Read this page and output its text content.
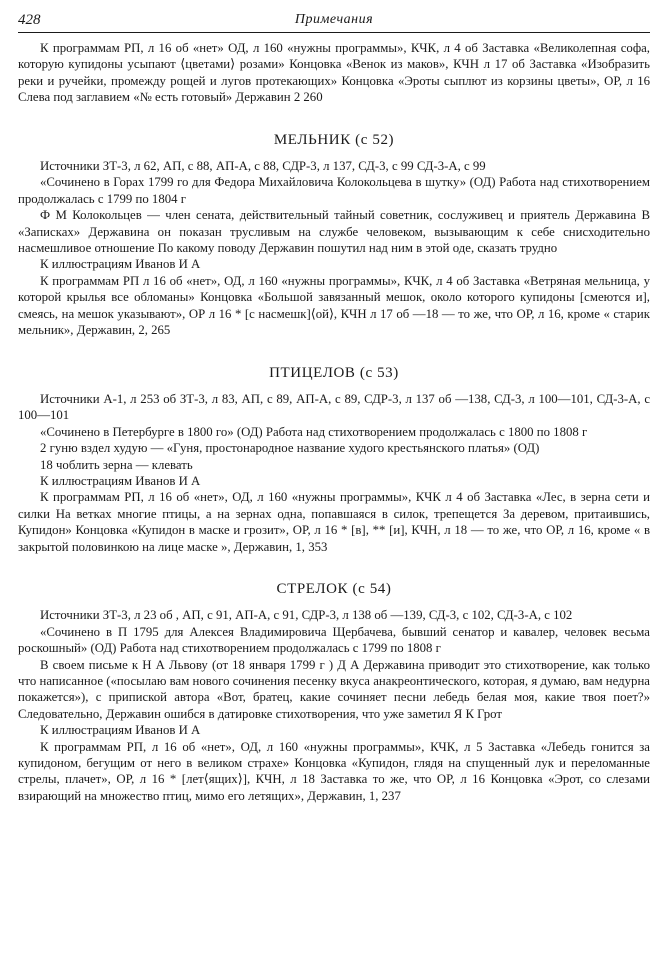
428	Примечания

К программам РП, л 16 об «нет» ОД, л 160 «нужны программы», КЧК, л 4 об Заставка «Великолепная софа, которую купидоны усыпают ⟨цветами⟩ розами» Концовка «Венок из маков», КЧН л 17 об Заставка «Изобразить реки и ручейки, промежду рощей и лугов протекающих» Концовка «Эроты сыплют из корзины цветы», ОР, л 16 Слева под заглавием «№ есть готовый» Державин 2 260

МЕЛЬНИК (с 52)

Источники ЗТ-3, л 62, АП, с 88, АП-А, с 88, СДР-3, л 137, СД-3, с 99 СД-3-А, с 99

«Сочинено в Горах 1799 го для Федора Михайловича Колокольцева в шутку» (ОД) Работа над стихотворением продолжалась с 1799 по 1804 г

Ф М Колокольцев — член сената, действительный тайный советник, сослуживец и приятель Державина В «Записках» Державина он показан трусливым на службе человеком, вызывающим к себе снисходительно насмешливое отношение По какому поводу Державин пошутил над ним в этой оде, сказать трудно

К иллюстрациям Иванов И А

К программам РП л 16 об «нет», ОД, л 160 «нужны программы», КЧК, л 4 об Заставка «Ветряная мельница, у которой крылья все обломаны» Концовка «Большой завязанный мешок, около которого купидоны [смеются и], смеясь, на мешок указывают», ОР л 16 * [с насмешк]⟨ой⟩, КЧН л 17 об —18 — то же, что ОР, л 16, кроме « старик мельник», Державин, 2, 265

ПТИЦЕЛОВ (с 53)

Источники А-1, л 253 об ЗТ-3, л 83, АП, с 89, АП-А, с 89, СДР-3, л 137 об —138, СД-3, л 100—101, СД-3-А, с 100—101

«Сочинено в Петербурге в 1800 го» (ОД) Работа над стихотворением продолжалась с 1800 по 1808 г

2 гуню вздел худую — «Гуня, простонародное название худого крестьянского платья» (ОД)

18 чоблить зерна — клевать

К иллюстрациям Иванов И А

К программам РП, л 16 об «нет», ОД, л 160 «нужны программы», КЧК л 4 об Заставка «Лес, в зерна сети и силки На ветках многие птицы, а на зернах одна, попавшаяся в силок, трепещется За деревом, притаившись, Купидон» Концовка «Купидон в маске и грозит», ОР, л 16 * [в], ** [и], КЧН, л 18 — то же, что ОР, л 16, кроме « в закрытой половинкою на лице маске », Державин, 1, 353

СТРЕЛОК (с 54)

Источники ЗТ-3, л 23 об , АП, с 91, АП-А, с 91, СДР-3, л 138 об —139, СД-3, с 102, СД-3-А, с 102

«Сочинено в П 1795 для Алексея Владимировича Щербачева, бывший сенатор и кавалер, человек весьма роскошный» (ОД) Работа над стихотворением продолжалась с 1799 по 1808 г

В своем письме к Н А Львову (от 18 января 1799 г ) Д А Державина приводит это стихотворение, как только что написанное («посылаю вам нового сочинения песенку вкуса анакреонтического, которая, я думаю, вам недурна покажется»), с припиской автора «Вот, братец, какие сочиняет песни лебедь белая моя, какие твоя поет?» Следовательно, Державин ошибся в датировке стихотворения, что уже заметил Я К Грот

К иллюстрациям Иванов И А

К программам РП, л 16 об «нет», ОД, л 160 «нужны программы», КЧК, л 5 Заставка «Лебедь гонится за купидоном, бегущим от него в великом страхе» Концовка «Купидон, глядя на спущенный лук и переломанные стрелы, плачет», ОР, л 16 * [лет⟨ящих⟩], КЧН, л 18 Заставка то же, что ОР, л 16 Концовка «Эрот, со слезами взирающий на множество птиц, мимо его летящих», Державин, 1, 237
